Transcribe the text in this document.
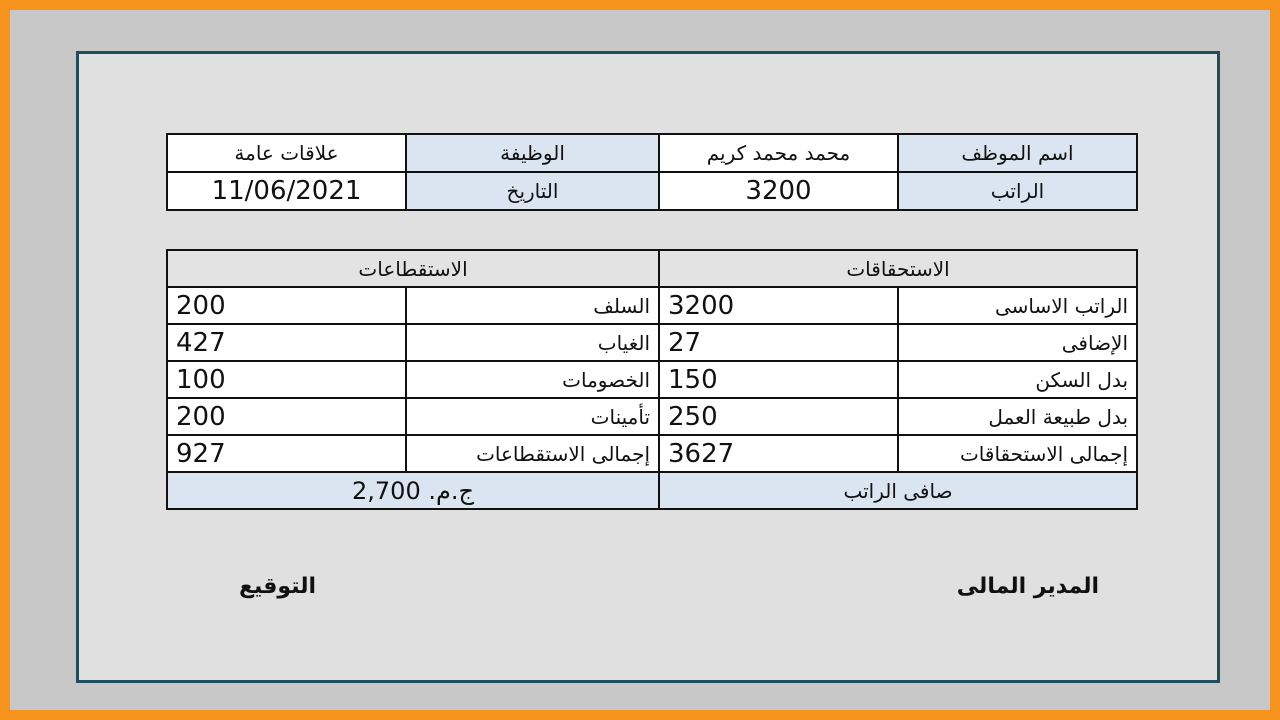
اسم الموظف	محمد محمد كريم	الوظيفة	علاقات عامة
الراتب	3200	التاريخ	11/06/2021
الاستحقاقات		الاستقطاعات	
الراتب الاساسى	3200	السلف	200
الإضافى	27	الغياب	427
بدل السكن	150	الخصومات	100
بدل طبيعة العمل	250	تأمينات	200
إجمالى الاستحقاقات	3627	إجمالى الاستقطاعات	927
صافى الراتب		ج.م. 2,700	
المدير المالى
التوقيع
